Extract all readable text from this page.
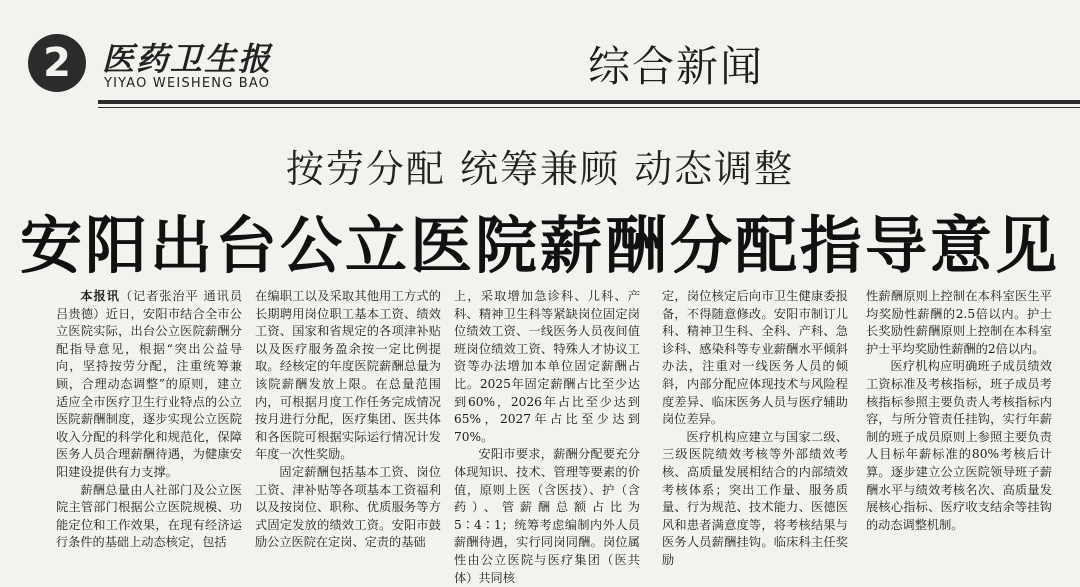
2 医药卫生报
YIYAO WEISHENG BAO	综合新闻
按劳分配 统筹兼顾 动态调整
安阳出台公立医院薪酬分配指导意见

本报讯（记者张治平 通讯员吕贵德）近日，安阳市结合全市公立医院实际，出台公立医院薪酬分配指导意见，根据“突出公益导向，坚持按劳分配，注重统筹兼顾，合理动态调整”的原则，建立适应全市医疗卫生行业特点的公立医院薪酬制度，逐步实现公立医院收入分配的科学化和规范化，保障医务人员合理薪酬待遇，为健康安阳建设提供有力支撑。

薪酬总量由人社部门及公立医院主管部门根据公立医院规模、功能定位和工作效果，在现有经济运行条件的基础上动态核定，包括

在编职工以及采取其他用工方式的长期聘用岗位职工基本工资、绩效工资、国家和省规定的各项津补贴以及医疗服务盈余按一定比例提取。经核定的年度医院薪酬总量为该院薪酬发放上限。在总量范围内，可根据月度工作任务完成情况按月进行分配，医疗集团、医共体和各医院可根据实际运行情况计发年度一次性奖励。

固定薪酬包括基本工资、岗位工资、津补贴等各项基本工资福利以及按岗位、职称、优质服务等方式固定发放的绩效工资。安阳市鼓励公立医院在定岗、定责的基础

上，采取增加急诊科、儿科、产科、精神卫生科等紧缺岗位固定岗位绩效工资、一线医务人员夜间值班岗位绩效工资、特殊人才协议工资等办法增加本单位固定薪酬占比。2025年固定薪酬占比至少达到60%，2026年占比至少达到65%，2027年占比至少达到70%。

安阳市要求，薪酬分配要充分体现知识、技术、管理等要素的价值，原则上医（含医技）、护（含药）、管薪酬总额占比为5∶4∶1；统筹考虑编制内外人员薪酬待遇，实行同岗同酬。岗位属性由公立医院与医疗集团（医共体）共同核

定，岗位核定后向市卫生健康委报备，不得随意修改。安阳市制订儿科、精神卫生科、全科、产科、急诊科、感染科等专业薪酬水平倾斜办法，注重对一线医务人员的倾斜，内部分配应体现技术与风险程度差异、临床医务人员与医疗辅助岗位差异。

医疗机构应建立与国家二级、三级医院绩效考核等外部绩效考核、高质量发展相结合的内部绩效考核体系；突出工作量、服务质量、行为规范、技术能力、医德医风和患者满意度等，将考核结果与医务人员薪酬挂钩。临床科主任奖励

性薪酬原则上控制在本科室医生平均奖励性薪酬的2.5倍以内。护士长奖励性薪酬原则上控制在本科室护士平均奖励性薪酬的2倍以内。

医疗机构应明确班子成员绩效工资标准及考核指标，班子成员考核指标参照主要负责人考核指标内容，与所分管责任挂钩，实行年薪制的班子成员原则上参照主要负责人目标年薪标准的80%考核后计算。逐步建立公立医院领导班子薪酬水平与绩效考核名次、高质量发展核心指标、医疗收支结余等挂钩的动态调整机制。
